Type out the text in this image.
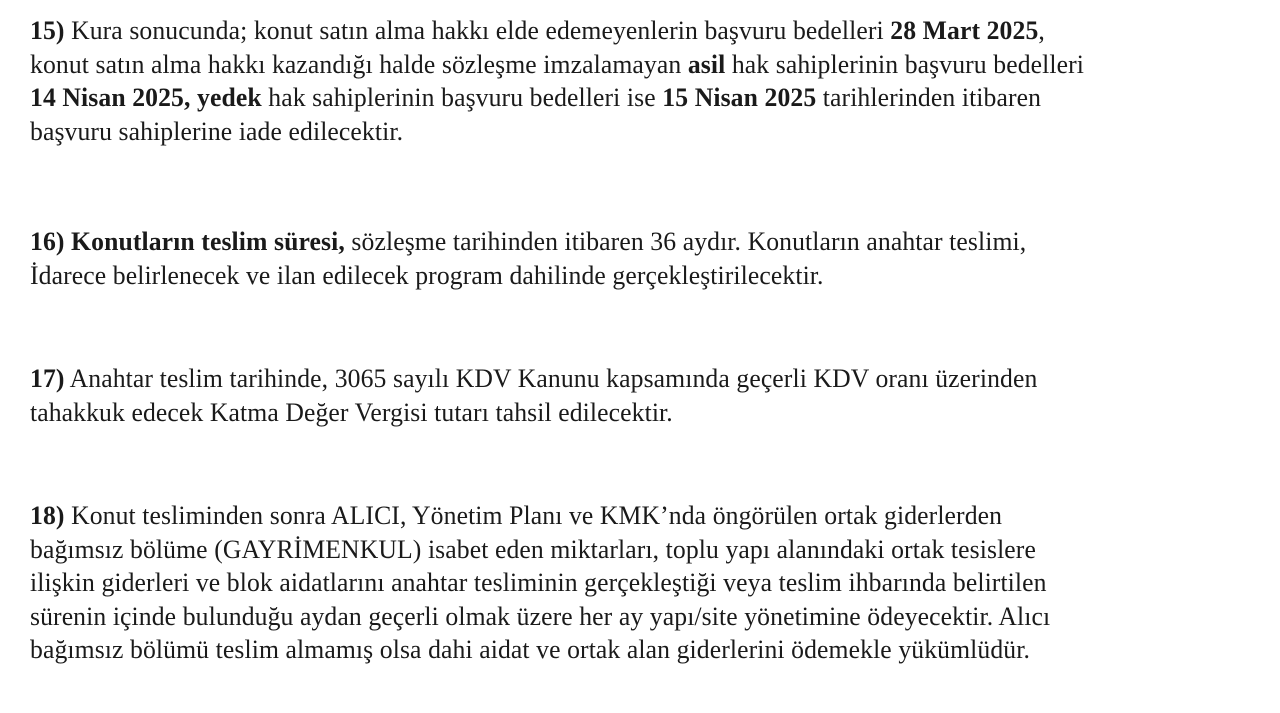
15) Kura sonucunda; konut satın alma hakkı elde edemeyenlerin başvuru bedelleri 28 Mart 2025,
konut satın alma hakkı kazandığı halde sözleşme imzalamayan asil hak sahiplerinin başvuru bedelleri
14 Nisan 2025, yedek hak sahiplerinin başvuru bedelleri ise 15 Nisan 2025 tarihlerinden itibaren
başvuru sahiplerine iade edilecektir.
16) Konutların teslim süresi, sözleşme tarihinden itibaren 36 aydır. Konutların anahtar teslimi,
İdarece belirlenecek ve ilan edilecek program dahilinde gerçekleştirilecektir.
17) Anahtar teslim tarihinde, 3065 sayılı KDV Kanunu kapsamında geçerli KDV oranı üzerinden
tahakkuk edecek Katma Değer Vergisi tutarı tahsil edilecektir.
18) Konut tesliminden sonra ALICI, Yönetim Planı ve KMK’nda öngörülen ortak giderlerden
bağımsız bölüme (GAYRİMENKUL) isabet eden miktarları, toplu yapı alanındaki ortak tesislere
ilişkin giderleri ve blok aidatlarını anahtar tesliminin gerçekleştiği veya teslim ihbarında belirtilen
sürenin içinde bulunduğu aydan geçerli olmak üzere her ay yapı/site yönetimine ödeyecektir. Alıcı
bağımsız bölümü teslim almamış olsa dahi aidat ve ortak alan giderlerini ödemekle yükümlüdür.
